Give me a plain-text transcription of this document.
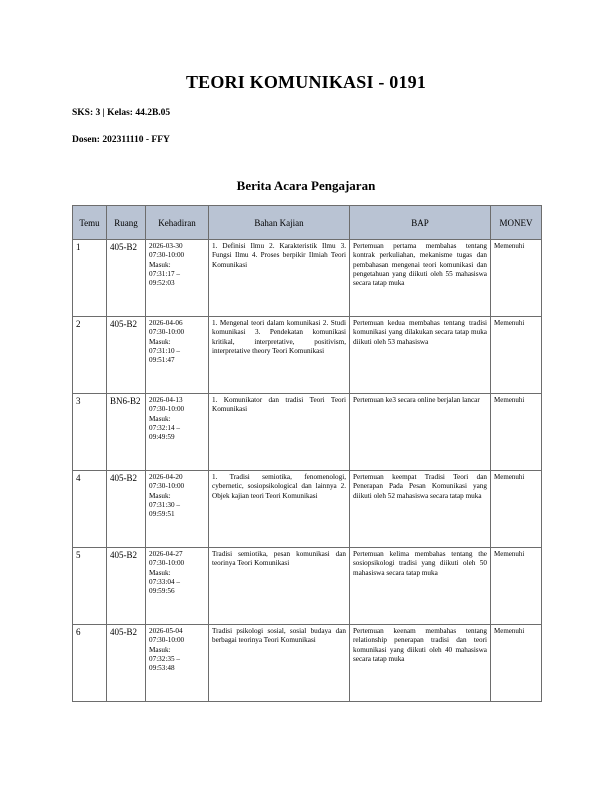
TEORI KOMUNIKASI - 0191
SKS: 3 | Kelas: 44.2B.05
Dosen: 202311110 - FFY
Berita Acara Pengajaran
Temu	Ruang	Kehadiran	Bahan Kajian	BAP	MONEV
1	405-B2	2026-03-30
07:30-10:00
Masuk:
07:31:17 – 09:52:03	1. Definisi Ilmu 2. Karakteristik Ilmu 3. Fungsi Ilmu 4. Proses berpikir Ilmiah Teori Komunikasi	Pertemuan pertama membahas tentang kontrak perkuliahan, mekanisme tugas dan pembahasan mengenai teori komunikasi dan pengetahuan yang diikuti oleh 55 mahasiswa secara tatap muka	Memenuhi
2	405-B2	2026-04-06
07:30-10:00
Masuk:
07:31:10 – 09:51:47	1. Mengenal teori dalam komunikasi 2. Studi komunikasi 3. Pendekatan komunikasi kritikal, interpretative, positivism, interpretative theory Teori Komunikasi	Pertemuan kedua membahas tentang tradisi komunikasi yang dilakukan secara tatap muka diikuti oleh 53 mahasiswa	Memenuhi
3	BN6-B2	2026-04-13
07:30-10:00
Masuk:
07:32:14 – 09:49:59	1. Komunikator dan tradisi Teori Teori Komunikasi	Pertemuan ke3 secara online berjalan lancar	Memenuhi
4	405-B2	2026-04-20
07:30-10:00
Masuk:
07:31:30 – 09:59:51	1. Tradisi semiotika, fenomenologi, cybernetic, sosiopsikological dan lainnya 2. Objek kajian teori Teori Komunikasi	Pertemuan keempat Tradisi Teori dan Penerapan Pada Pesan Komunikasi yang diikuti oleh 52 mahasiswa secara tatap muka	Memenuhi
5	405-B2	2026-04-27
07:30-10:00
Masuk:
07:33:04 – 09:59:56	Tradisi semiotika, pesan komunikasi dan teorinya Teori Komunikasi	Pertemuan kelima membahas tentang the sosiopsikologi tradisi yang diikuti oleh 50 mahasiswa secara tatap muka	Memenuhi
6	405-B2	2026-05-04
07:30-10:00
Masuk:
07:32:35 – 09:53:48	Tradisi psikologi sosial, sosial budaya dan berbagai teorinya Teori Komunikasi	Pertemuan keenam membahas tentang relationship penerapan tradisi dan teori komunikasi yang diikuti oleh 40 mahasiswa secara tatap muka	Memenuhi
